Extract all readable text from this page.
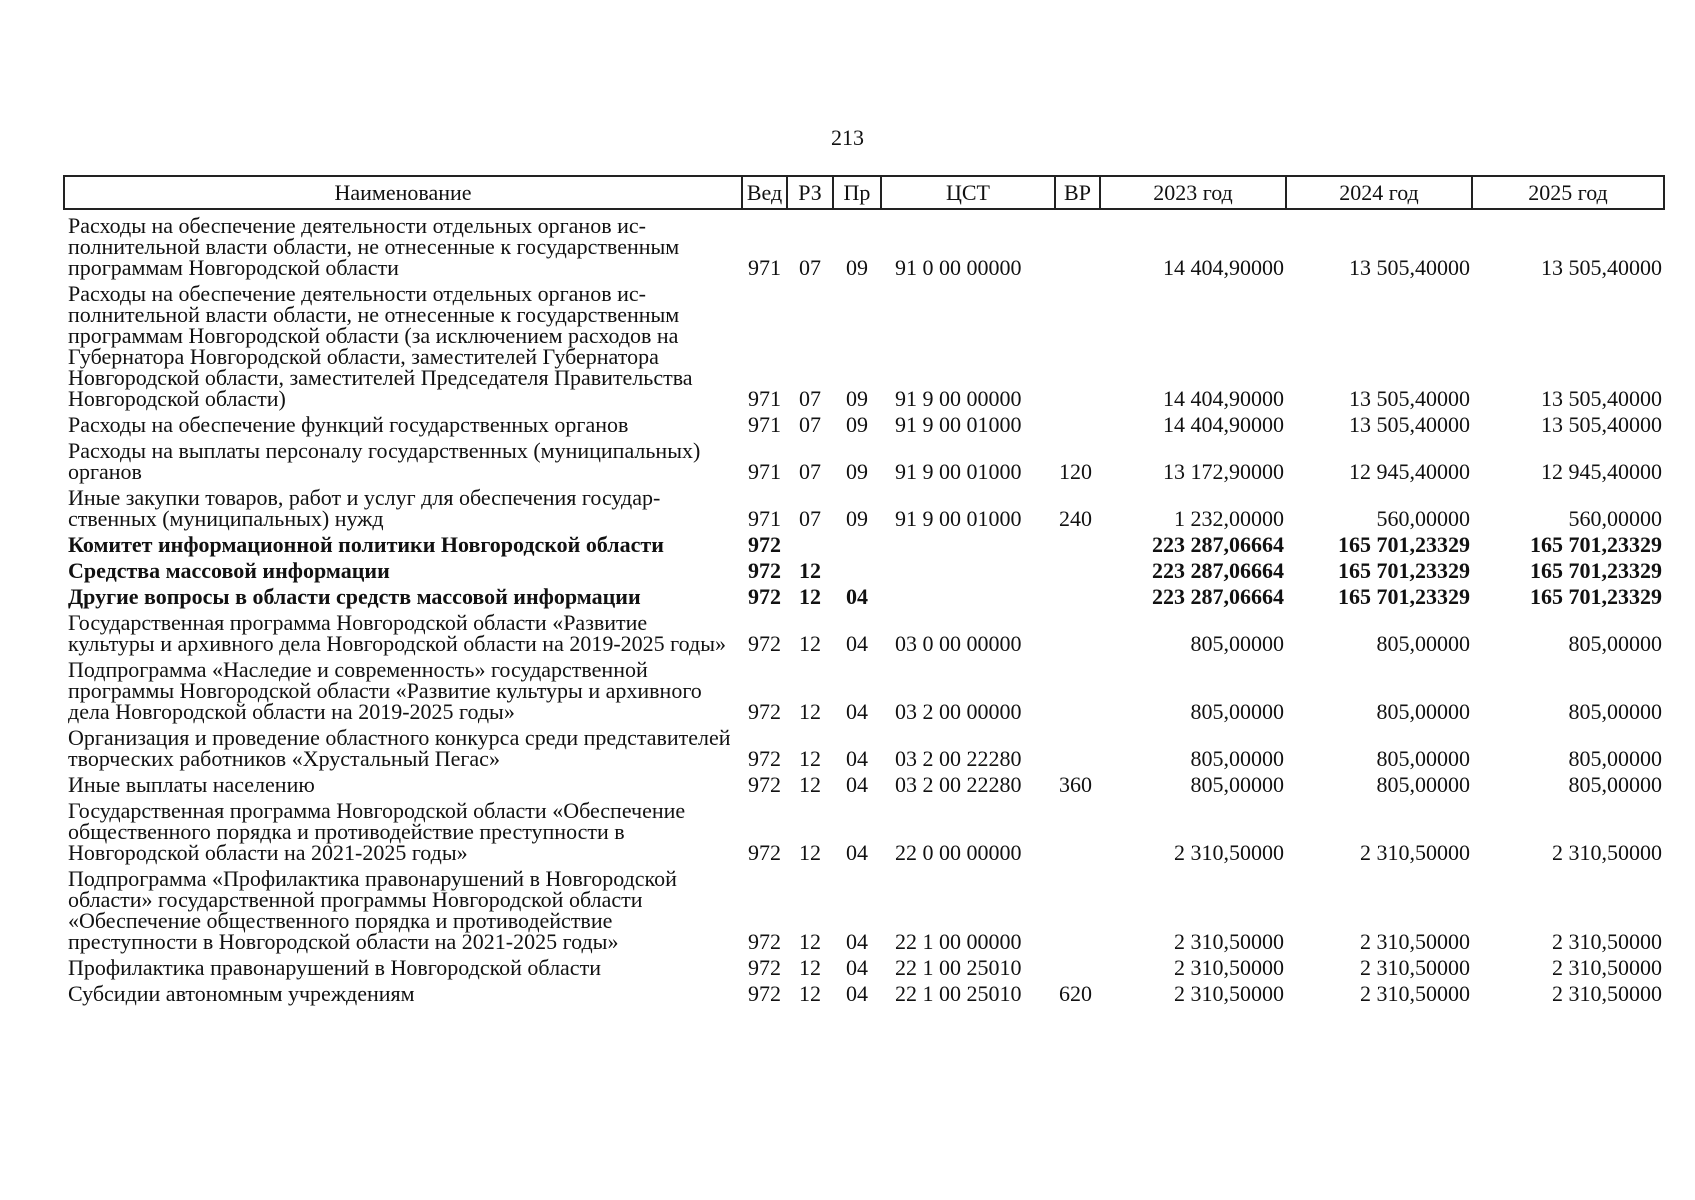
213
Наименование	Вед	РЗ	Пр	ЦСТ	ВР	2023 год	2024 год	2025 год
Расходы на обеспечение деятельности отдельных органов исполнительной власти области, не отнесенные к государственным программам Новгородской области	971	07	09	91 0 00 00000		14 404,90000	13 505,40000	13 505,40000
Расходы на обеспечение деятельности отдельных органов исполнительной власти области, не отнесенные к государственным программам Новгородской области (за исключением расходов на Губернатора Новгородской области, заместителей Губернатора Новгородской области, заместителей Председателя Правительства Новгородской области)	971	07	09	91 9 00 00000		14 404,90000	13 505,40000	13 505,40000
Расходы на обеспечение функций государственных органов	971	07	09	91 9 00 01000		14 404,90000	13 505,40000	13 505,40000
Расходы на выплаты персоналу государственных (муниципальных) органов	971	07	09	91 9 00 01000	120	13 172,90000	12 945,40000	12 945,40000
Иные закупки товаров, работ и услуг для обеспечения государственных (муниципальных) нужд	971	07	09	91 9 00 01000	240	1 232,00000	560,00000	560,00000
Комитет информационной политики Новгородской области	972					223 287,06664	165 701,23329	165 701,23329
Средства массовой информации	972	12				223 287,06664	165 701,23329	165 701,23329
Другие вопросы в области средств массовой информации	972	12	04			223 287,06664	165 701,23329	165 701,23329
Государственная программа Новгородской области «Развитие культуры и архивного дела Новгородской области на 2019-2025 годы»	972	12	04	03 0 00 00000		805,00000	805,00000	805,00000
Подпрограмма «Наследие и современность» государственной программы Новгородской области «Развитие культуры и архивного дела Новгородской области на 2019-2025 годы»	972	12	04	03 2 00 00000		805,00000	805,00000	805,00000
Организация и проведение областного конкурса среди представителей творческих работников «Хрустальный Пегас»	972	12	04	03 2 00 22280		805,00000	805,00000	805,00000
Иные выплаты населению	972	12	04	03 2 00 22280	360	805,00000	805,00000	805,00000
Государственная программа Новгородской области «Обеспечение общественного порядка и противодействие преступности в Новгородской области на 2021-2025 годы»	972	12	04	22 0 00 00000		2 310,50000	2 310,50000	2 310,50000
Подпрограмма «Профилактика правонарушений в Новгородской области» государственной программы Новгородской области «Обеспечение общественного порядка и противодействие преступности в Новгородской области на 2021-2025 годы»	972	12	04	22 1 00 00000		2 310,50000	2 310,50000	2 310,50000
Профилактика правонарушений в Новгородской области	972	12	04	22 1 00 25010		2 310,50000	2 310,50000	2 310,50000
Субсидии автономным учреждениям	972	12	04	22 1 00 25010	620	2 310,50000	2 310,50000	2 310,50000
